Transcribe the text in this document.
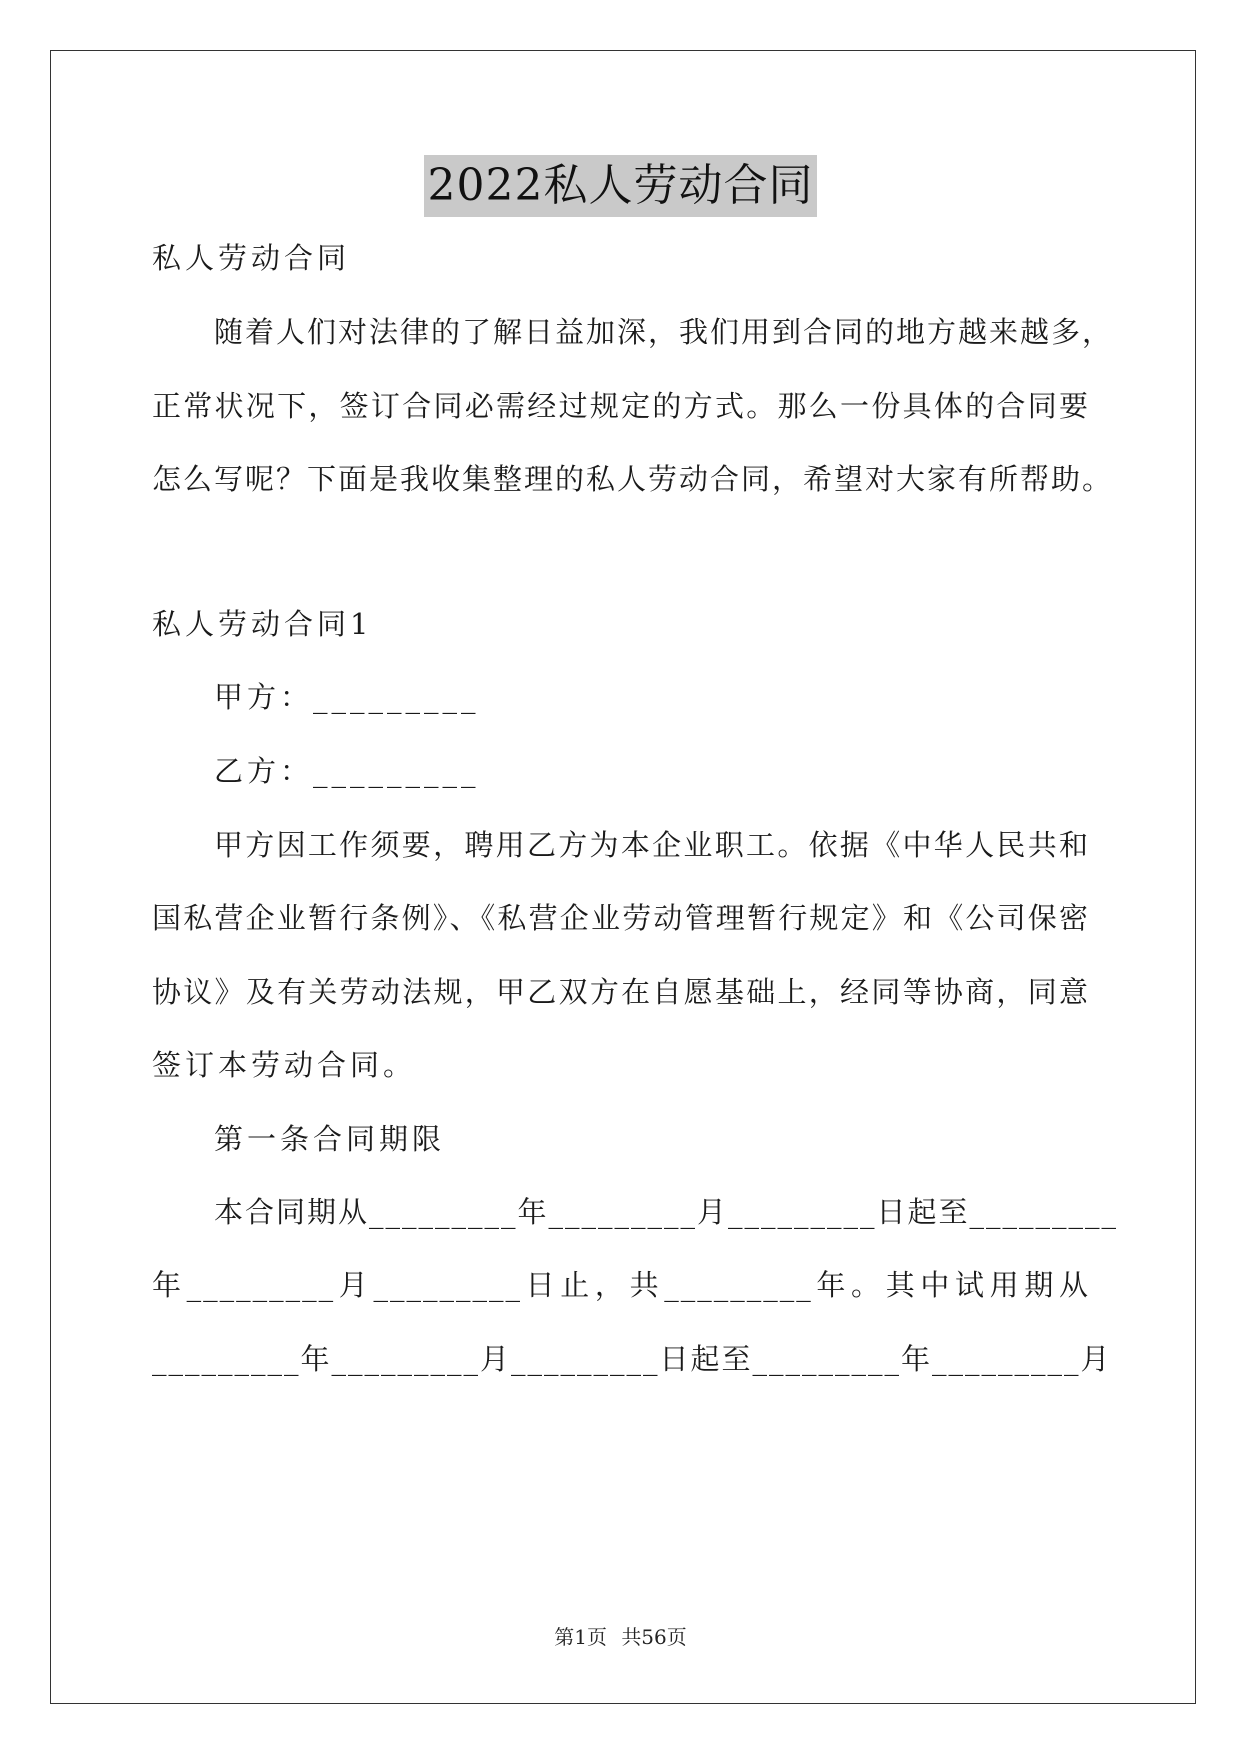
2022私人劳动合同
私人劳动合同
随着人们对法律的了解日益加深，我们用到合同的地方越来越多，
正常状况下，签订合同必需经过规定的方式。那么一份具体的合同要
怎么写呢？下面是我收集整理的私人劳动合同，希望对大家有所帮助。
私人劳动合同1
甲方：_________
乙方：_________
甲方因工作须要，聘用乙方为本企业职工。依据《中华人民共和
国私营企业暂行条例》、《私营企业劳动管理暂行规定》和《公司保密
协议》及有关劳动法规，甲乙双方在自愿基础上，经同等协商，同意
签订本劳动合同。
第一条合同期限
本合同期从_________年_________月_________日起至_________
年_________月_________日止，共_________年。其中试用期从
_________年_________月_________日起至_________年_________月
第1页 共56页
